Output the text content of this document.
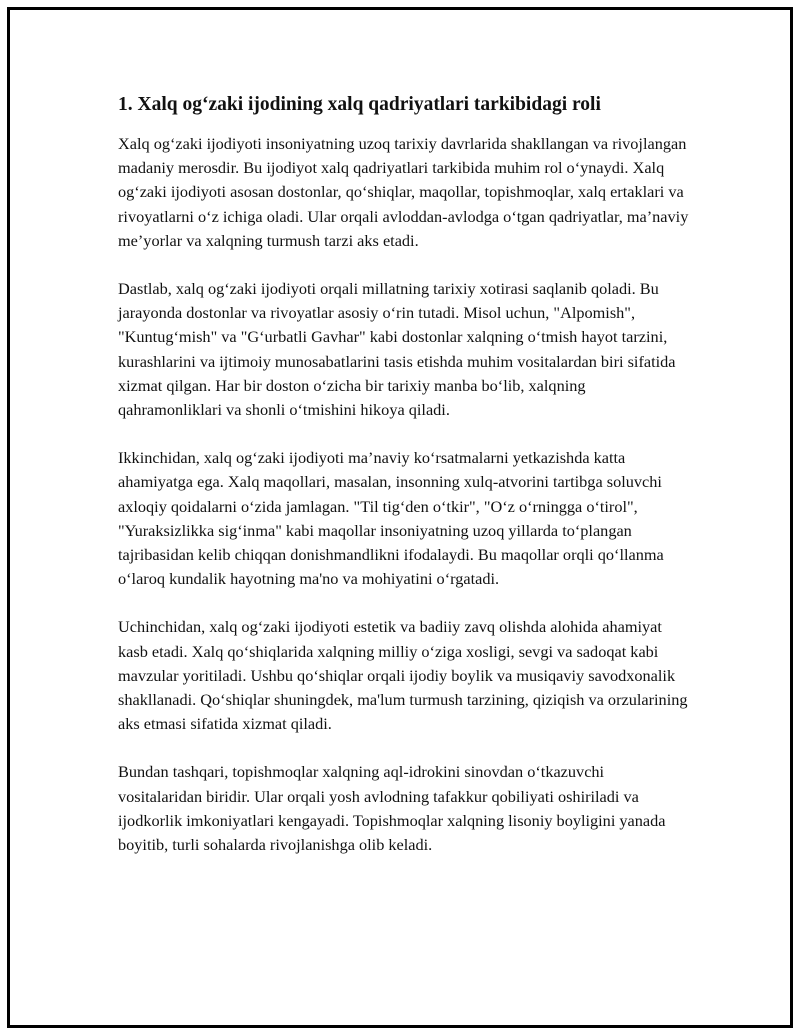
1. Xalq og‘zaki ijodining xalq qadriyatlari tarkibidagi roli

Xalq og‘zaki ijodiyoti insoniyatning uzoq tarixiy davrlarida shakllangan va rivojlangan madaniy merosdir. Bu ijodiyot xalq qadriyatlari tarkibida muhim rol o‘ynaydi. Xalq og‘zaki ijodiyoti asosan dostonlar, qo‘shiqlar, maqollar, topishmoqlar, xalq ertaklari va rivoyatlarni o‘z ichiga oladi. Ular orqali avloddan-avlodga o‘tgan qadriyatlar, ma’naviy me’yorlar va xalqning turmush tarzi aks etadi.

Dastlab, xalq og‘zaki ijodiyoti orqali millatning tarixiy xotirasi saqlanib qoladi. Bu jarayonda dostonlar va rivoyatlar asosiy o‘rin tutadi. Misol uchun, "Alpomish", "Kuntug‘mish" va "G‘urbatli Gavhar" kabi dostonlar xalqning o‘tmish hayot tarzini, kurashlarini va ijtimoiy munosabatlarini tasis etishda muhim vositalardan biri sifatida xizmat qilgan. Har bir doston o‘zicha bir tarixiy manba bo‘lib, xalqning qahramonliklari va shonli o‘tmishini hikoya qiladi.

Ikkinchidan, xalq og‘zaki ijodiyoti ma’naviy ko‘rsatmalarni yetkazishda katta ahamiyatga ega. Xalq maqollari, masalan, insonning xulq-atvorini tartibga soluvchi axloqiy qoidalarni o‘zida jamlagan. "Til tig‘den o‘tkir", "O‘z o‘rningga o‘tirol", "Yuraksizlikka sig‘inma" kabi maqollar insoniyatning uzoq yillarda to‘plangan tajribasidan kelib chiqqan donishmandlikni ifodalaydi. Bu maqollar orqli qo‘llanma o‘laroq kundalik hayotning ma'no va mohiyatini o‘rgatadi.

Uchinchidan, xalq og‘zaki ijodiyoti estetik va badiiy zavq olishda alohida ahamiyat kasb etadi. Xalq qo‘shiqlarida xalqning milliy o‘ziga xosligi, sevgi va sadoqat kabi mavzular yoritiladi. Ushbu qo‘shiqlar orqali ijodiy boylik va musiqaviy savodxonalik shakllanadi. Qo‘shiqlar shuningdek, ma'lum turmush tarzining, qiziqish va orzularining aks etmasi sifatida xizmat qiladi.

Bundan tashqari, topishmoqlar xalqning aql-idrokini sinovdan o‘tkazuvchi vositalaridan biridir. Ular orqali yosh avlodning tafakkur qobiliyati oshiriladi va ijodkorlik imkoniyatlari kengayadi. Topishmoqlar xalqning lisoniy boyligini yanada boyitib, turli sohalarda rivojlanishga olib keladi.
